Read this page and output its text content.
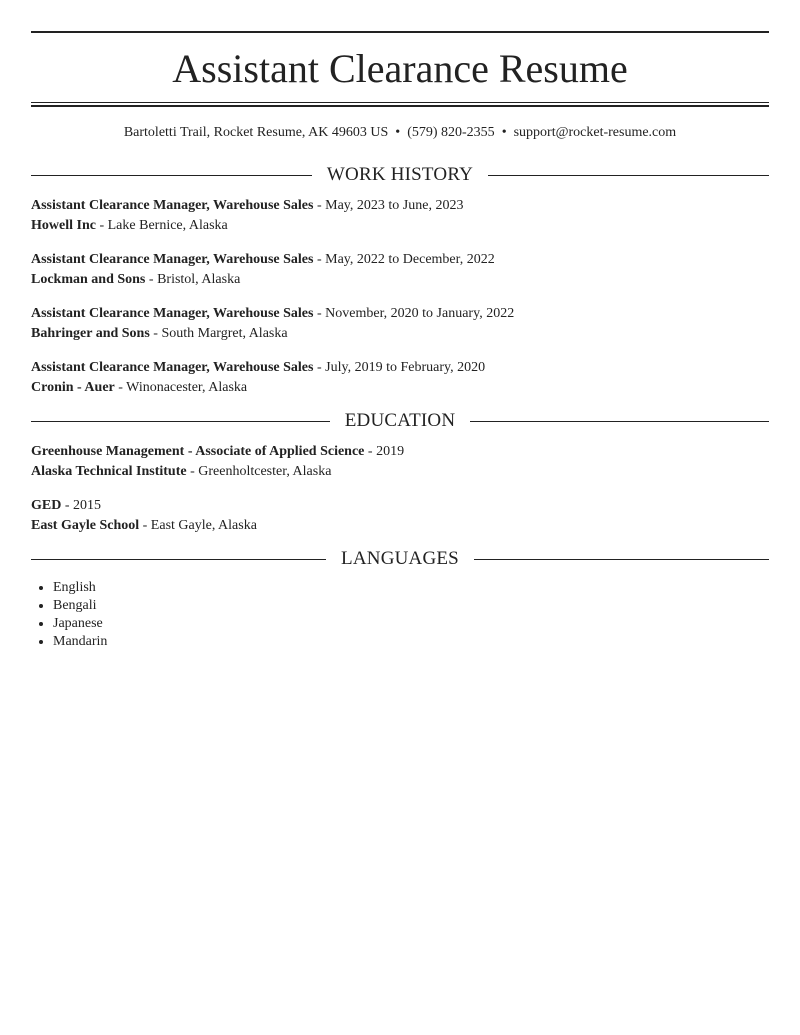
Assistant Clearance Resume
Bartoletti Trail, Rocket Resume, AK 49603 US • (579) 820-2355 • support@rocket-resume.com
WORK HISTORY
Assistant Clearance Manager, Warehouse Sales - May, 2023 to June, 2023
Howell Inc - Lake Bernice, Alaska
Assistant Clearance Manager, Warehouse Sales - May, 2022 to December, 2022
Lockman and Sons - Bristol, Alaska
Assistant Clearance Manager, Warehouse Sales - November, 2020 to January, 2022
Bahringer and Sons - South Margret, Alaska
Assistant Clearance Manager, Warehouse Sales - July, 2019 to February, 2020
Cronin - Auer - Winonacester, Alaska
EDUCATION
Greenhouse Management - Associate of Applied Science - 2019
Alaska Technical Institute - Greenholtcester, Alaska
GED - 2015
East Gayle School - East Gayle, Alaska
LANGUAGES
• English
• Bengali
• Japanese
• Mandarin
